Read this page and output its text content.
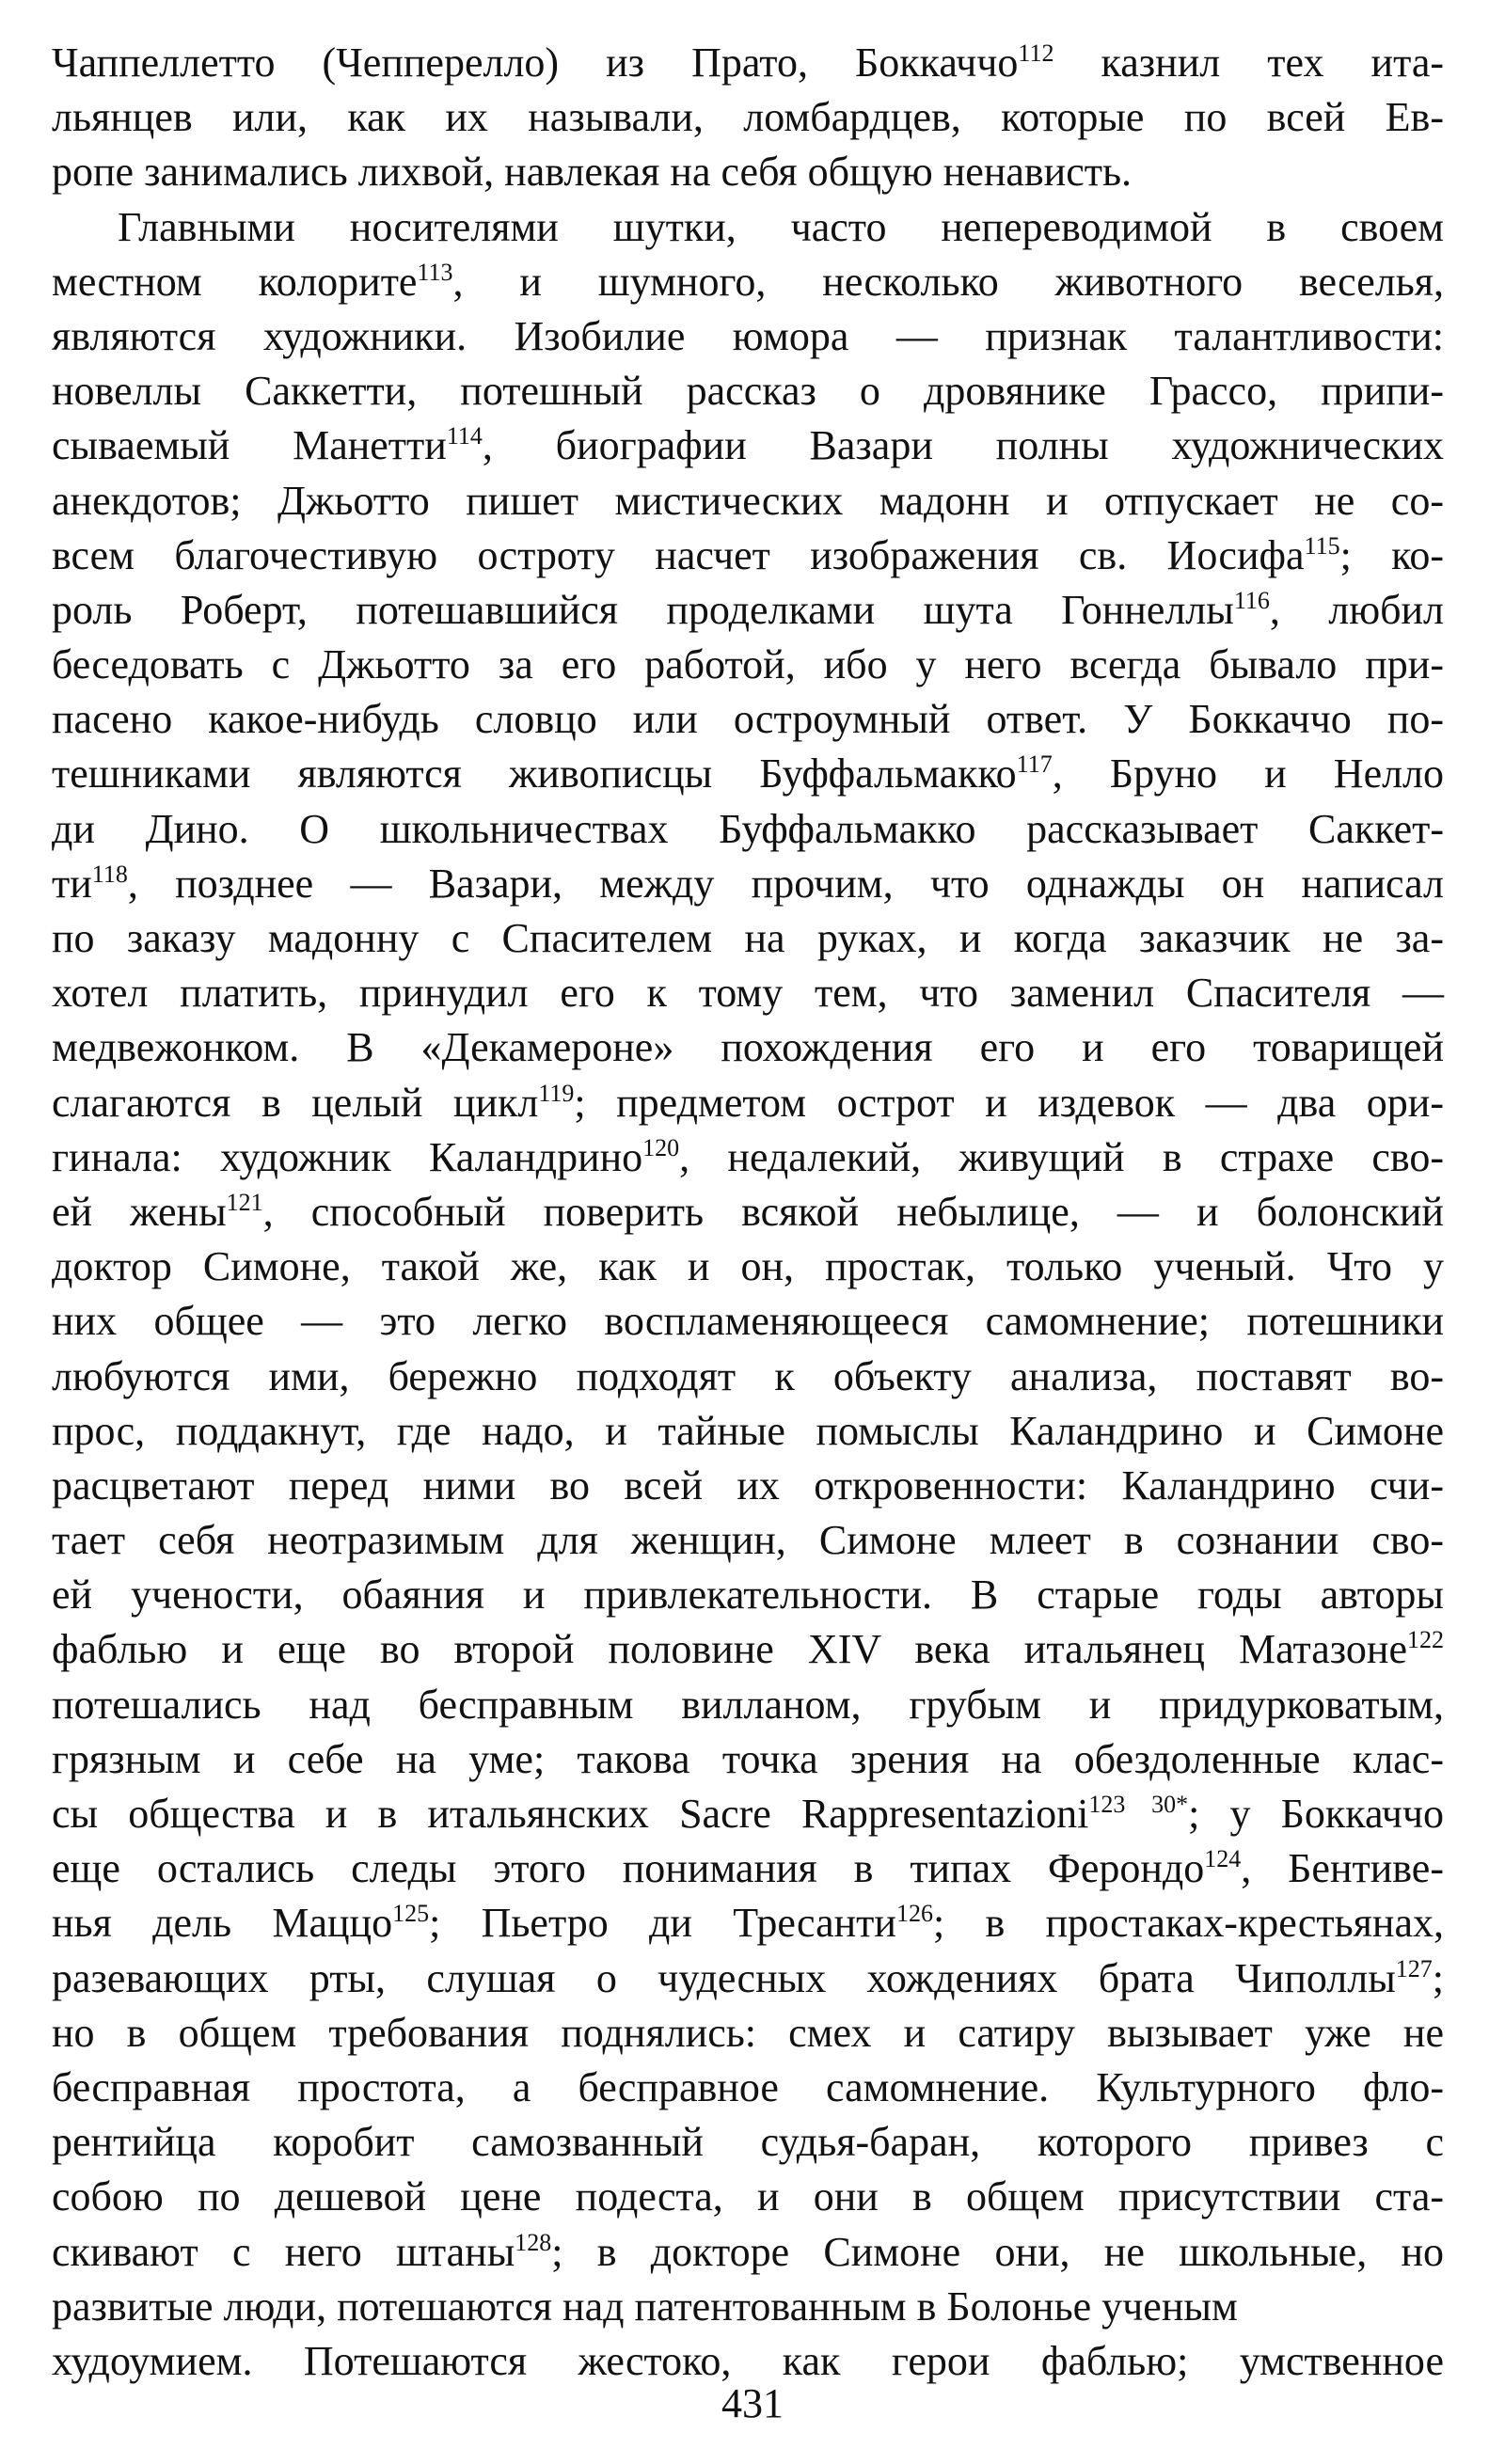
Чаппеллетто (Чепперелло) из Прато, Боккаччо$^{112}$ казнил тех ита-
льянцев или, как их называли, ломбардцев, которые по всей Ев-
ропе занимались лихвой, навлекая на себя общую ненависть.
Главными носителями шутки, часто непереводимой в своем
местном колорите$^{113}$, и шумного, несколько животного веселья,
являются художники. Изобилие юмора — признак талантливости:
новеллы Саккетти, потешный рассказ о дровянике Грассо, припи-
сываемый Манетти$^{114}$, биографии Вазари полны художнических
анекдотов; Джьотто пишет мистических мадонн и отпускает не со-
всем благочестивую остроту насчет изображения св. Иосифа$^{115}$; ко-
роль Роберт, потешавшийся проделками шута Гоннеллы$^{116}$, любил
беседовать с Джьотто за его работой, ибо у него всегда бывало при-
пасено какое-нибудь словцо или остроумный ответ. У Боккаччо по-
тешниками являются живописцы Буффальмакко$^{117}$, Бруно и Нелло
ди Дино. О школьничествах Буффальмакко рассказывает Саккет-
$ти^{118}$, позднее — Вазари, между прочим, что однажды он написал
по заказу мадонну с Спасителем на руках, и когда заказчик не за-
хотел платить, принудил его к тому тем, что заменил Спасителя —
медвежонком. В «Декамероне» похождения его и его товарищей
слагаются в целый цикл$^{119}$; предметом острот и издевок — два ори-
гинала: художник Каландрино$^{120}$, недалекий, живущий в страхе сво-
ей жены$^{121}$, способный поверить всякой небылице, — и болонский
доктор Симоне, такой же, как и он, простак, только ученый. Что у
них общее — это легко воспламеняющееся самомнение; потешники
любуются ими, бережно подходят к объекту анализа, поставят во-
прос, поддакнут, где надо, и тайные помыслы Каландрино и Симоне
расцветают перед ними во всей их откровенности: Каландрино счи-
тает себя неотразимым для женщин, Симоне млеет в сознании сво-
ей учености, обаяния и привлекательности. В старые годы авторы
фаблью и еще во второй половине XIV века итальянец Матазоне$^{122}$
потешались над бесправным вилланом, грубым и придурковатым,
грязным и себе на уме; такова точка зрения на обездоленные клас-
сы общества и в итальянских Sacre Rappresentazioni$^{123 30*}$; у Боккаччо
еще остались следы этого понимания в типах Ферондо$^{124}$, Бентиве-
нья дель Маццо$^{125}$; Пьетро ди Тресанти$^{126}$; в простаках-крестьянах,
разевающих рты, слушая о чудесных хождениях брата Чиполлы$^{127}$;
но в общем требования поднялись: смех и сатиру вызывает уже не
бесправная простота, а бесправное самомнение. Культурного фло-
рентийца коробит самозванный судья-баран, которого привез с
собою по дешевой цене подеста, и они в общем присутствии ста-
скивают с него штаны$^{128}$; в докторе Симоне они, не школьные, но
развитые люди, потешаются над патентованным в Болонье ученым
худоумием. Потешаются жестоко, как герои фаблью; умственное
431
